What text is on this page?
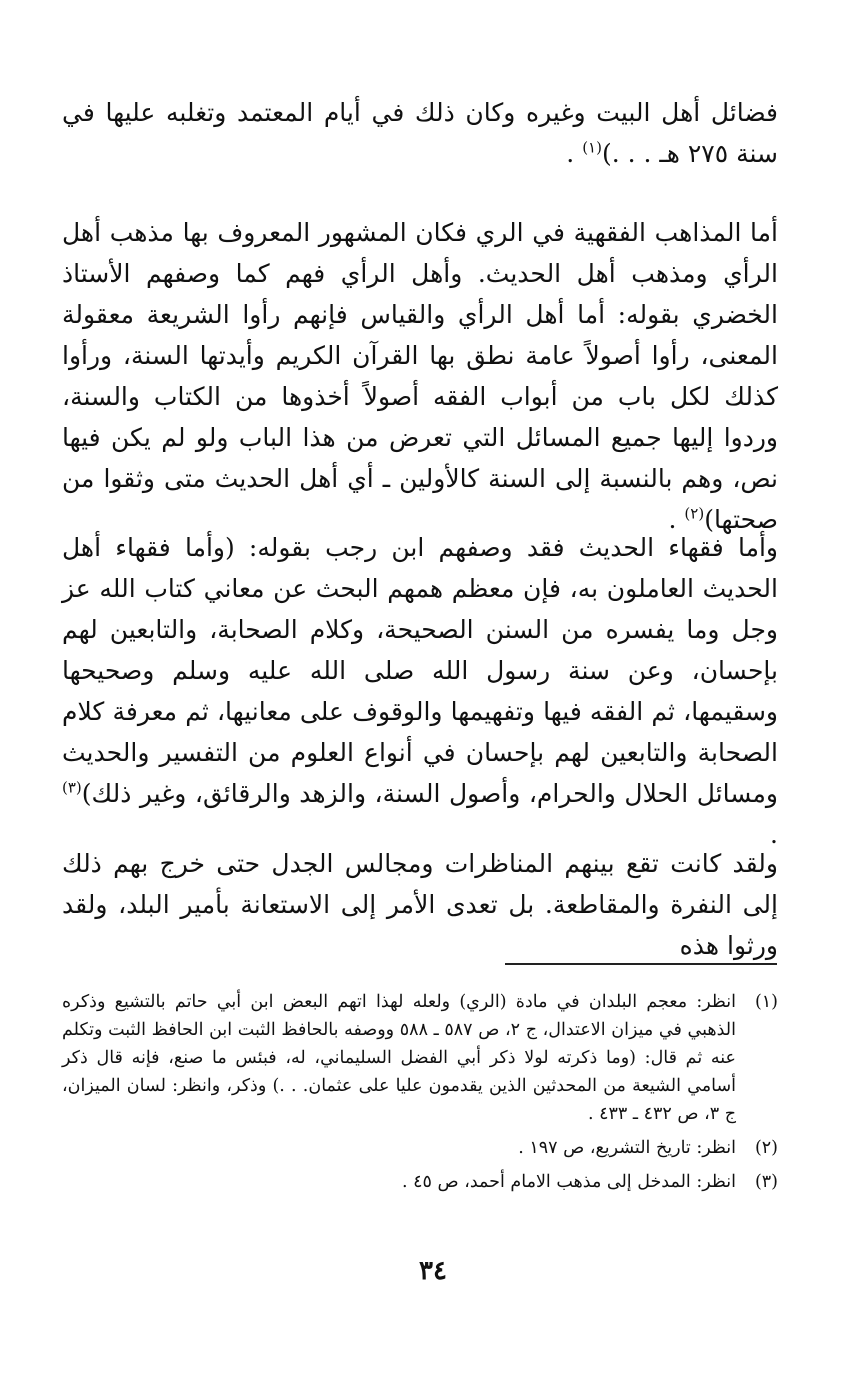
فضائل أهل البيت وغيره وكان ذلك في أيام المعتمد وتغلبه عليها في سنة ٢٧٥ هـ . . .)$^{(١)}$ .

أما المذاهب الفقهية في الري فكان المشهور المعروف بها مذهب أهل الرأي ومذهب أهل الحديث. وأهل الرأي فهم كما وصفهم الأستاذ الخضري بقوله: أما أهل الرأي والقياس فإنهم رأوا الشريعة معقولة المعنى، رأوا أصولاً عامة نطق بها القرآن الكريم وأيدتها السنة، ورأوا كذلك لكل باب من أبواب الفقه أصولاً أخذوها من الكتاب والسنة، وردوا إليها جميع المسائل التي تعرض من هذا الباب ولو لم يكن فيها نص، وهم بالنسبة إلى السنة كالأولين ـ أي أهل الحديث متى وثقوا من صحتها)$^{(٢)}$ .

وأما فقهاء الحديث فقد وصفهم ابن رجب بقوله: (وأما فقهاء أهل الحديث العاملون به، فإن معظم همهم البحث عن معاني كتاب الله عز وجل وما يفسره من السنن الصحيحة، وكلام الصحابة، والتابعين لهم بإحسان، وعن سنة رسول الله صلى الله عليه وسلم وصحيحها وسقيمها، ثم الفقه فيها وتفهيمها والوقوف على معانيها، ثم معرفة كلام الصحابة والتابعين لهم بإحسان في أنواع العلوم من التفسير والحديث ومسائل الحلال والحرام، وأصول السنة، والزهد والرقائق، وغير ذلك)$^{(٣)}$ .

ولقد كانت تقع بينهم المناظرات ومجالس الجدل حتى خرج بهم ذلك إلى النفرة والمقاطعة. بل تعدى الأمر إلى الاستعانة بأمير البلد، ولقد ورثوا هذه

(١)
انظر: معجم البلدان في مادة (الري) ولعله لهذا اتهم البعض ابن أبي حاتم بالتشيع وذكره الذهبي في ميزان الاعتدال، ج ٢، ص ٥٨٧ ـ ٥٨٨ ووصفه بالحافظ الثبت ابن الحافظ الثبت وتكلم عنه ثم قال: (وما ذكرته لولا ذكر أبي الفضل السليماني، له، فبئس ما صنع، فإنه قال ذكر أسامي الشيعة من المحدثين الذين يقدمون عليا على عثمان. . .) وذكر، وانظر: لسان الميزان، ج ٣، ص ٤٣٢ ـ ٤٣٣ .
(٢)
انظر: تاريخ التشريع، ص ١٩٧ .
(٣)
انظر: المدخل إلى مذهب الامام أحمد، ص ٤٥ .
٣٤
